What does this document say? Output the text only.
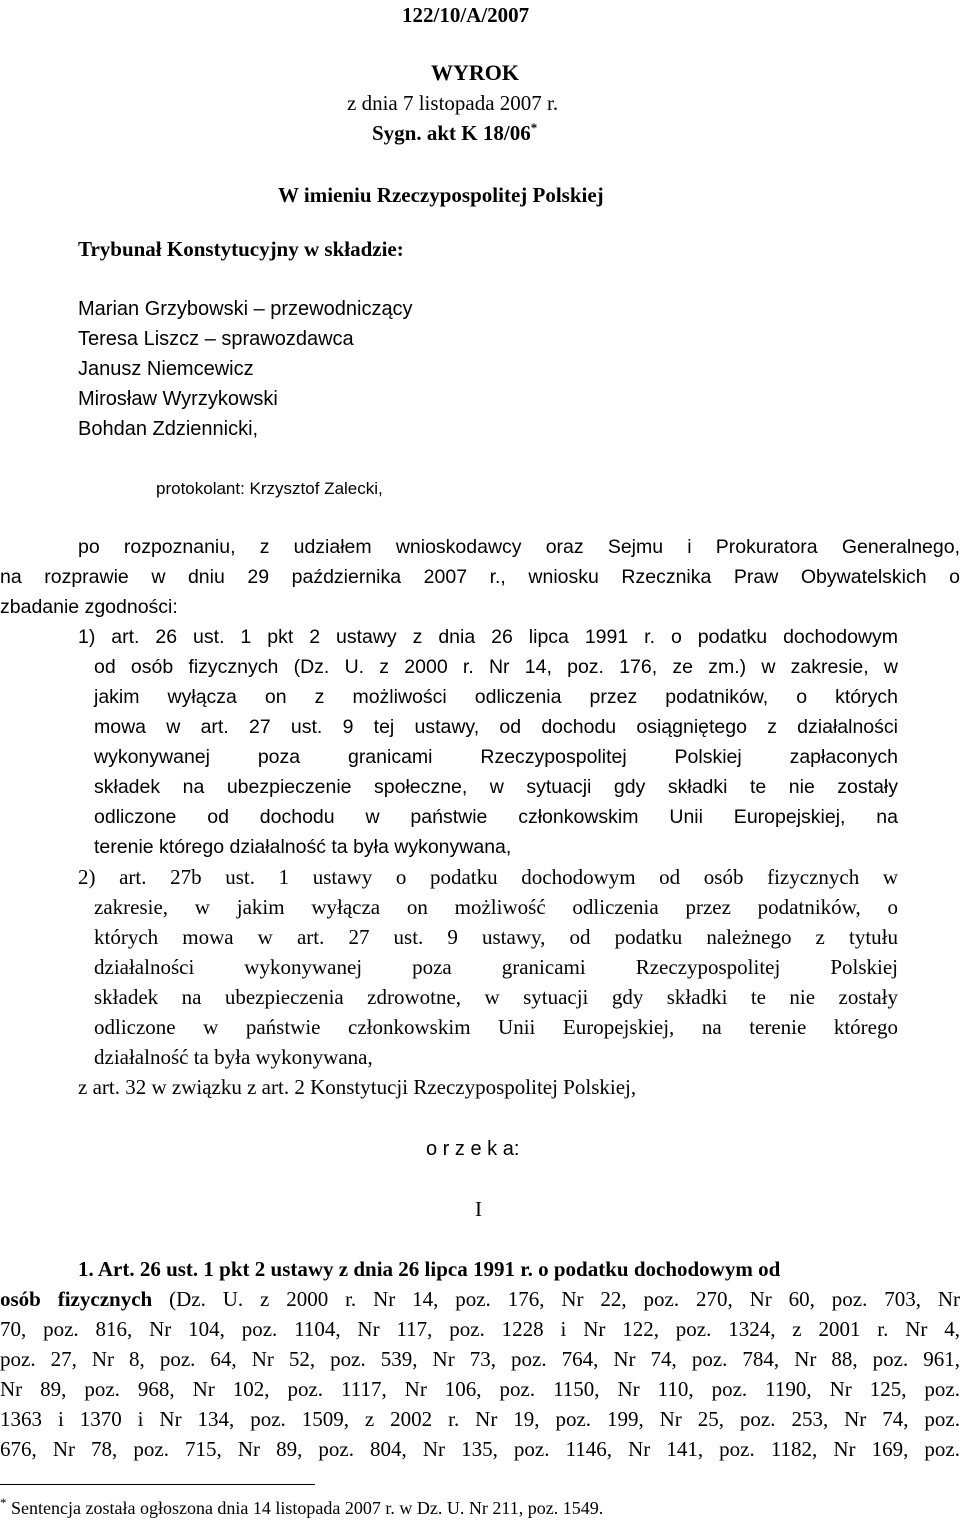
122/10/A/2007
WYROK
z dnia 7 listopada 2007 r.
Sygn. akt K 18/06*
W imieniu Rzeczypospolitej Polskiej
Trybunał Konstytucyjny w składzie:
Marian Grzybowski – przewodniczący
Teresa Liszcz – sprawozdawca
Janusz Niemcewicz
Mirosław Wyrzykowski
Bohdan Zdziennicki,
protokolant: Krzysztof Zalecki,
po rozpoznaniu, z udziałem wnioskodawcy oraz Sejmu i Prokuratora Generalnego,
na rozprawie w dniu 29 października 2007 r., wniosku Rzecznika Praw Obywatelskich o
zbadanie zgodności:
1) art. 26 ust. 1 pkt 2 ustawy z dnia 26 lipca 1991 r. o podatku dochodowym
od osób fizycznych (Dz. U. z 2000 r. Nr 14, poz. 176, ze zm.) w zakresie, w
jakim wyłącza on z możliwości odliczenia przez podatników, o których
mowa w art. 27 ust. 9 tej ustawy, od dochodu osiągniętego z działalności
wykonywanej poza granicami Rzeczypospolitej Polskiej zapłaconych
składek na ubezpieczenie społeczne, w sytuacji gdy składki te nie zostały
odliczone od dochodu w państwie członkowskim Unii Europejskiej, na
terenie którego działalność ta była wykonywana,
2) art. 27b ust. 1 ustawy o podatku dochodowym od osób fizycznych w
zakresie, w jakim wyłącza on możliwość odliczenia przez podatników, o
których mowa w art. 27 ust. 9 ustawy, od podatku należnego z tytułu
działalności wykonywanej poza granicami Rzeczypospolitej Polskiej
składek na ubezpieczenia zdrowotne, w sytuacji gdy składki te nie zostały
odliczone w państwie członkowskim Unii Europejskiej, na terenie którego
działalność ta była wykonywana,
z art. 32 w związku z art. 2 Konstytucji Rzeczypospolitej Polskiej,
o r z e k a:
I
1. Art. 26 ust. 1 pkt 2 ustawy z dnia 26 lipca 1991 r. o podatku dochodowym od
osób fizycznych (Dz. U. z 2000 r. Nr 14, poz. 176, Nr 22, poz. 270, Nr 60, poz. 703, Nr
70, poz. 816, Nr 104, poz. 1104, Nr 117, poz. 1228 i Nr 122, poz. 1324, z 2001 r. Nr 4,
poz. 27, Nr 8, poz. 64, Nr 52, poz. 539, Nr 73, poz. 764, Nr 74, poz. 784, Nr 88, poz. 961,
Nr 89, poz. 968, Nr 102, poz. 1117, Nr 106, poz. 1150, Nr 110, poz. 1190, Nr 125, poz.
1363 i 1370 i Nr 134, poz. 1509, z 2002 r. Nr 19, poz. 199, Nr 25, poz. 253, Nr 74, poz.
676, Nr 78, poz. 715, Nr 89, poz. 804, Nr 135, poz. 1146, Nr 141, poz. 1182, Nr 169, poz.
* Sentencja została ogłoszona dnia 14 listopada 2007 r. w Dz. U. Nr 211, poz. 1549.
